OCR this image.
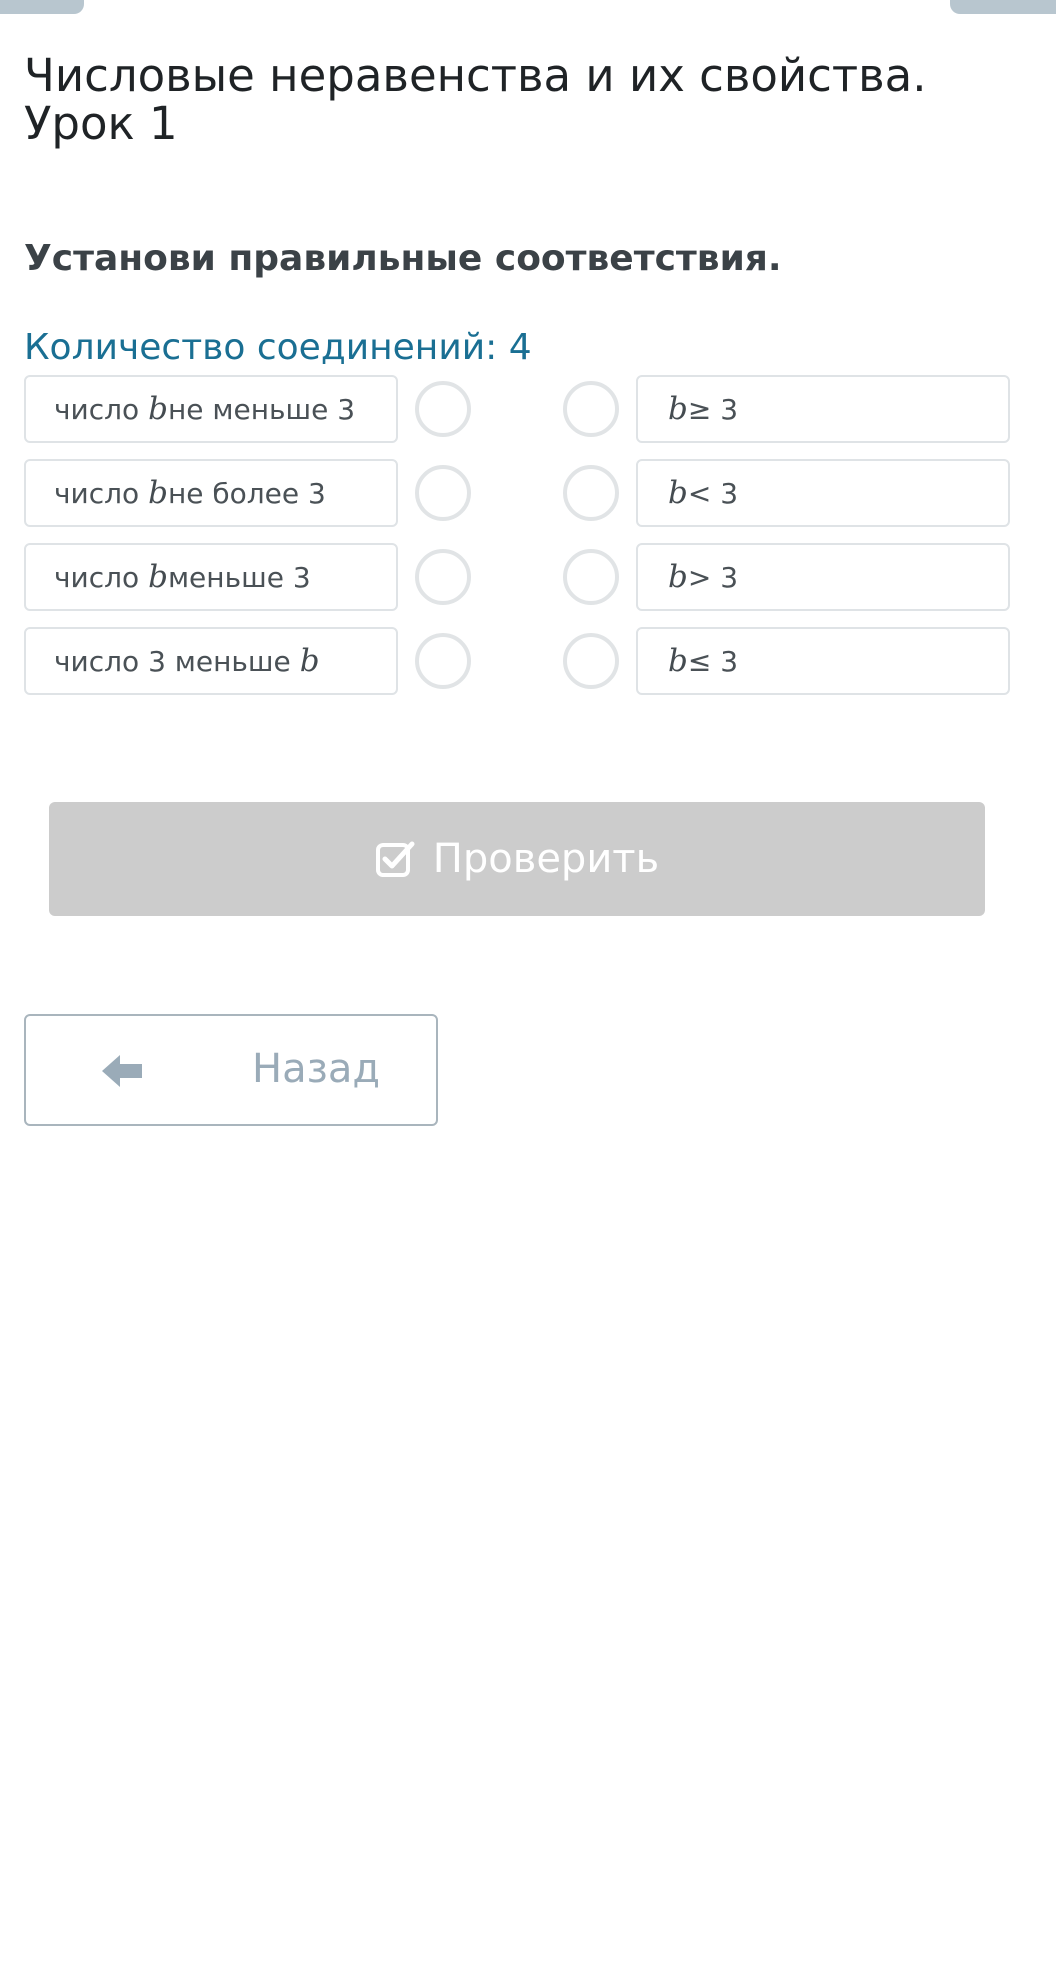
Числовые неравенства и их свойства. Урок 1
Установи правильные соответствия.
Количество соединений: 4
число
b не меньше 3	b ≥ 3
число
b не более 3	b < 3
число
b меньше 3	b > 3
число 3 меньше
b	b ≤ 3
Проверить
Назад
